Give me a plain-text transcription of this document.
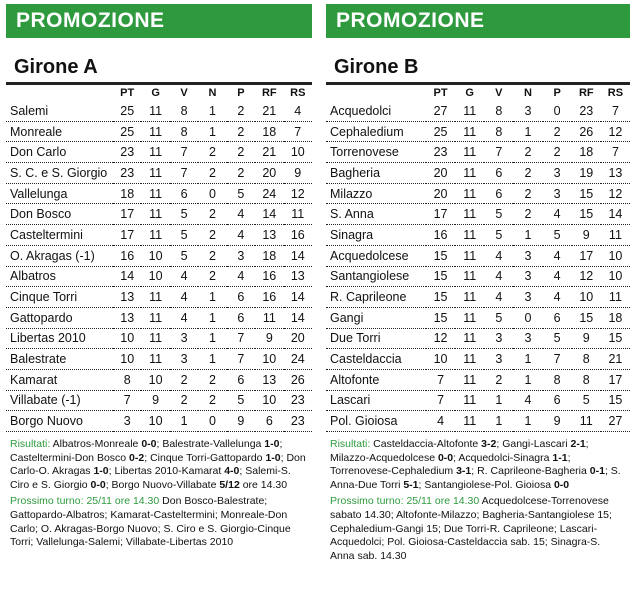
PROMOZIONE
Girone A
	PT	G	V	N	P	RF	RS
Salemi	25	11	8	1	2	21	4
Monreale	25	11	8	1	2	18	7
Don Carlo	23	11	7	2	2	21	10
S. C. e S. Giorgio	23	11	7	2	2	20	9
Vallelunga	18	11	6	0	5	24	12
Don Bosco	17	11	5	2	4	14	11
Casteltermini	17	11	5	2	4	13	16
O. Akragas (-1)	16	10	5	2	3	18	14
Albatros	14	10	4	2	4	16	13
Cinque Torri	13	11	4	1	6	16	14
Gattopardo	13	11	4	1	6	11	14
Libertas 2010	10	11	3	1	7	9	20
Balestrate	10	11	3	1	7	10	24
Kamarat	8	10	2	2	6	13	26
Villabate (-1)	7	9	2	2	5	10	23
Borgo Nuovo	3	10	1	0	9	6	23

Risultati: Albatros-Monreale 0-0; Balestrate-Vallelunga 1-0; Casteltermini-Don Bosco 0-2; Cinque Torri-Gattopardo 1-0; Don Carlo-O. Akragas 1-0; Libertas 2010-Kamarat 4-0; Salemi-S. Ciro e S. Giorgio 0-0; Borgo Nuovo-Villabate 5/12 ore 14.30

Prossimo turno: 25/11 ore 14.30 Don Bosco-Balestrate; Gattopardo-Albatros; Kamarat-Casteltermini; Monreale-Don Carlo; O. Akragas-Borgo Nuovo; S. Ciro e S. Giorgio-Cinque Torri; Vallelunga-Salemi; Villabate-Libertas 2010

PROMOZIONE
Girone B
	PT	G	V	N	P	RF	RS
Acquedolci	27	11	8	3	0	23	7
Cephaledium	25	11	8	1	2	26	12
Torrenovese	23	11	7	2	2	18	7
Bagheria	20	11	6	2	3	19	13
Milazzo	20	11	6	2	3	15	12
S. Anna	17	11	5	2	4	15	14
Sinagra	16	11	5	1	5	9	11
Acquedolcese	15	11	4	3	4	17	10
Santangiolese	15	11	4	3	4	12	10
R. Caprileone	15	11	4	3	4	10	11
Gangi	15	11	5	0	6	15	18
Due Torri	12	11	3	3	5	9	15
Casteldaccia	10	11	3	1	7	8	21
Altofonte	7	11	2	1	8	8	17
Lascari	7	11	1	4	6	5	15
Pol. Gioiosa	4	11	1	1	9	11	27

Risultati: Casteldaccia-Altofonte 3-2; Gangi-Lascari 2-1; Milazzo-Acquedolcese 0-0; Acquedolci-Sinagra 1-1; Torrenovese-Cephaledium 3-1; R. Caprileone-Bagheria 0-1; S. Anna-Due Torri 5-1; Santangiolese-Pol. Gioiosa 0-0

Prossimo turno: 25/11 ore 14.30 Acquedolcese-Torrenovese sabato 14.30; Altofonte-Milazzo; Bagheria-Santangiolese 15; Cephaledium-Gangi 15; Due Torri-R. Caprileone; Lascari-Acquedolci; Pol. Gioiosa-Casteldaccia sab. 15; Sinagra-S. Anna sab. 14.30
